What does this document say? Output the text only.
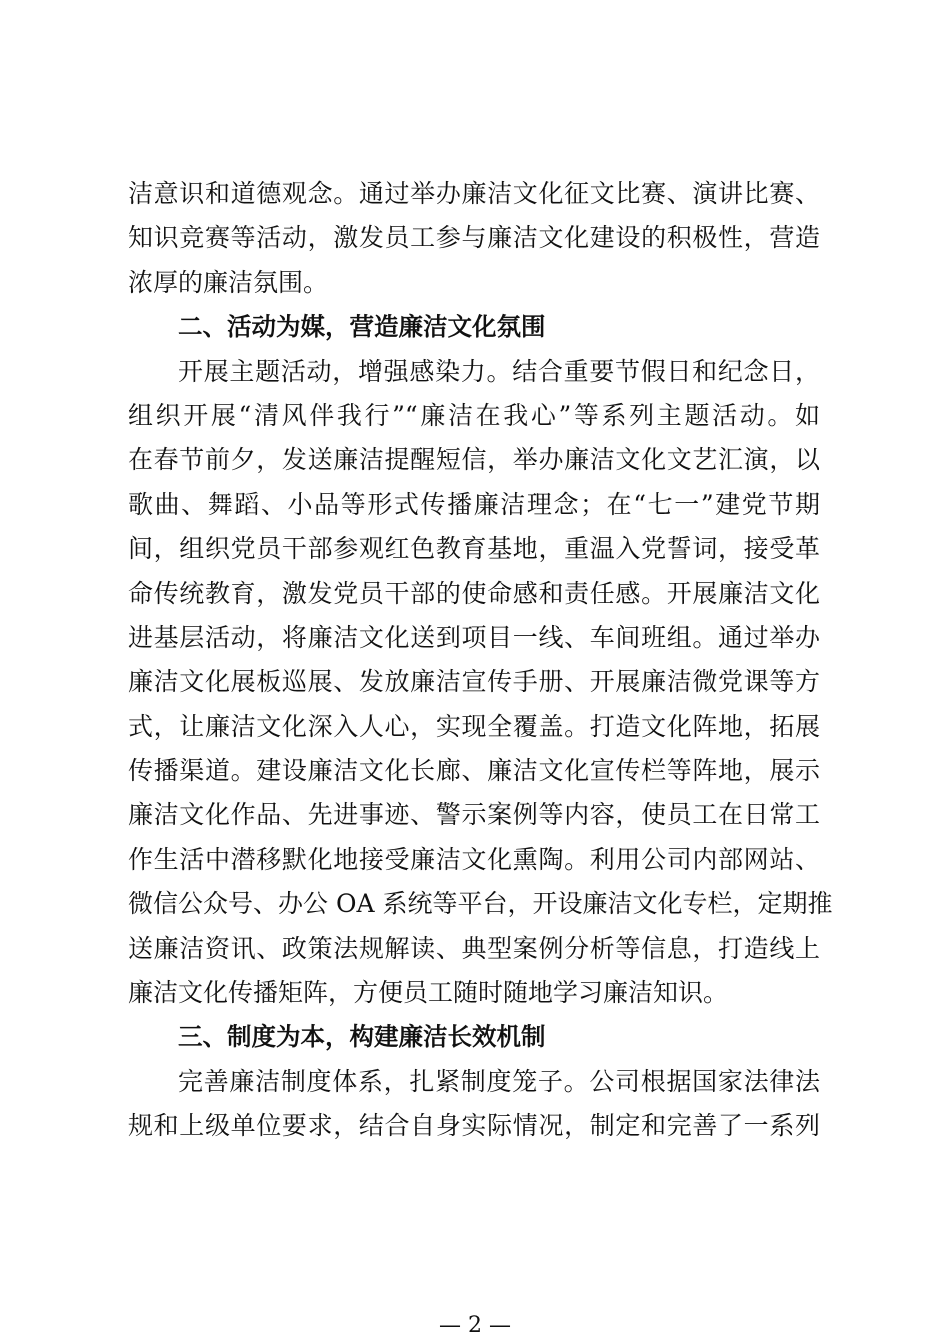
洁意识和道德观念。通过举办廉洁文化征文比赛、演讲比赛、
知识竞赛等活动，激发员工参与廉洁文化建设的积极性，营造
浓厚的廉洁氛围。
二、活动为媒，营造廉洁文化氛围
开展主题活动，增强感染力。结合重要节假日和纪念日，
组织开展“清风伴我行”“廉洁在我心”等系列主题活动。如
在春节前夕，发送廉洁提醒短信，举办廉洁文化文艺汇演，以
歌曲、舞蹈、小品等形式传播廉洁理念；在“七一”建党节期
间，组织党员干部参观红色教育基地，重温入党誓词，接受革
命传统教育，激发党员干部的使命感和责任感。开展廉洁文化
进基层活动，将廉洁文化送到项目一线、车间班组。通过举办
廉洁文化展板巡展、发放廉洁宣传手册、开展廉洁微党课等方
式，让廉洁文化深入人心，实现全覆盖。打造文化阵地，拓展
传播渠道。建设廉洁文化长廊、廉洁文化宣传栏等阵地，展示
廉洁文化作品、先进事迹、警示案例等内容，使员工在日常工
作生活中潜移默化地接受廉洁文化熏陶。利用公司内部网站、
微信公众号、办公 OA 系统等平台，开设廉洁文化专栏，定期推
送廉洁资讯、政策法规解读、典型案例分析等信息，打造线上
廉洁文化传播矩阵，方便员工随时随地学习廉洁知识。
三、制度为本，构建廉洁长效机制
完善廉洁制度体系，扎紧制度笼子。公司根据国家法律法
规和上级单位要求，结合自身实际情况，制定和完善了一系列
— 2 —
